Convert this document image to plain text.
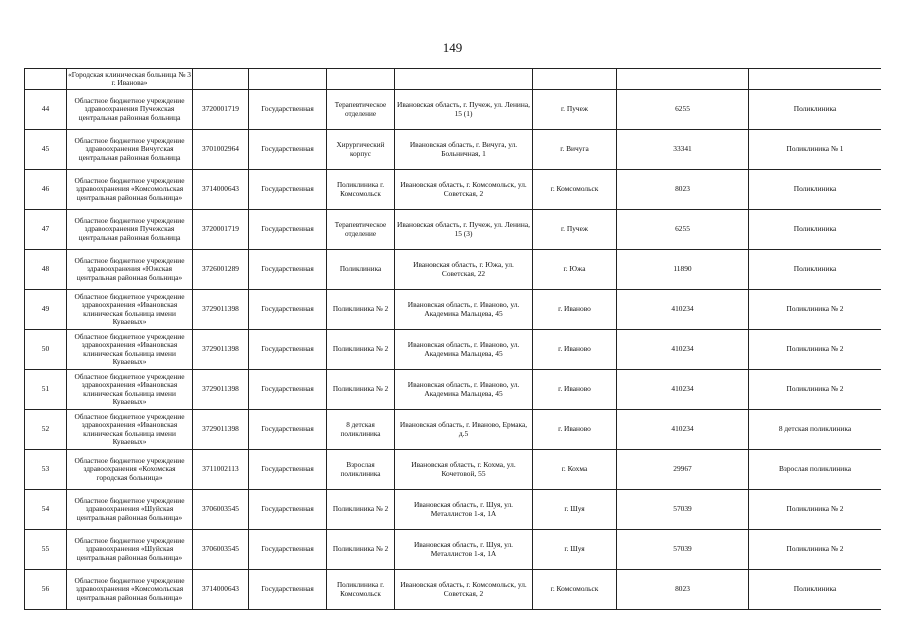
149
	«Городская клиническая больница № 3 г. Иванова»							
44	Областное бюджетное учреждение здравоохранения Пучежская центральная районная больница	3720001719	Государственная	Терапевтическое отделение	Ивановская область, г. Пучеж, ул. Ленина, 15 (1)	г. Пучеж	6255	Поликлиника
45	Областное бюджетное учреждение здравоохранения Вичугская центральная районная больница	3701002964	Государственная	Хирургический корпус	Ивановская область, г. Вичуга, ул. Больничная, 1	г. Вичуга	33341	Поликлиника № 1
46	Областное бюджетное учреждение здравоохранения «Комсомольская центральная районная больница»	3714000643	Государственная	Поликлиника г. Комсомольск	Ивановская область, г. Комсомольск, ул. Советская, 2	г. Комсомольск	8023	Поликлиника
47	Областное бюджетное учреждение здравоохранения Пучежская центральная районная больница	3720001719	Государственная	Терапевтическое отделение	Ивановская область, г. Пучеж, ул. Ленина, 15 (3)	г. Пучеж	6255	Поликлиника
48	Областное бюджетное учреждение здравоохранения «Южская центральная районная больница»	3726001289	Государственная	Поликлиника	Ивановская область, г. Южа, ул. Советская, 22	г. Южа	11890	Поликлиника
49	Областное бюджетное учреждение здравоохранения «Ивановская клиническая больница имени Куваевых»	3729011398	Государственная	Поликлиника № 2	Ивановская область, г. Иваново, ул. Академика Мальцева, 45	г. Иваново	410234	Поликлиника № 2
50	Областное бюджетное учреждение здравоохранения «Ивановская клиническая больница имени Куваевых»	3729011398	Государственная	Поликлиника № 2	Ивановская область, г. Иваново, ул. Академика Мальцева, 45	г. Иваново	410234	Поликлиника № 2
51	Областное бюджетное учреждение здравоохранения «Ивановская клиническая больница имени Куваевых»	3729011398	Государственная	Поликлиника № 2	Ивановская область, г. Иваново, ул. Академика Мальцева, 45	г. Иваново	410234	Поликлиника № 2
52	Областное бюджетное учреждение здравоохранения «Ивановская клиническая больница имени Куваевых»	3729011398	Государственная	8 детская поликлиника	Ивановская область, г. Иваново, Ермака, д.5	г. Иваново	410234	8 детская поликлиника
53	Областное бюджетное учреждение здравоохранения «Кохомская городская больница»	3711002113	Государственная	Взрослая поликлиника	Ивановская область, г. Кохма, ул. Кочетовой, 55	г. Кохма	29967	Взрослая поликлиника
54	Областное бюджетное учреждение здравоохранения «Шуйская центральная районная больница»	3706003545	Государственная	Поликлиника № 2	Ивановская область, г. Шуя, ул. Металлистов 1-я, 1А	г. Шуя	57039	Поликлиника № 2
55	Областное бюджетное учреждение здравоохранения «Шуйская центральная районная больница»	3706003545	Государственная	Поликлиника № 2	Ивановская область, г. Шуя, ул. Металлистов 1-я, 1А	г. Шуя	57039	Поликлиника № 2
56	Областное бюджетное учреждение здравоохранения «Комсомольская центральная районная больница»	3714000643	Государственная	Поликлиника г. Комсомольск	Ивановская область, г. Комсомольск, ул. Советская, 2	г. Комсомольск	8023	Поликлиника
